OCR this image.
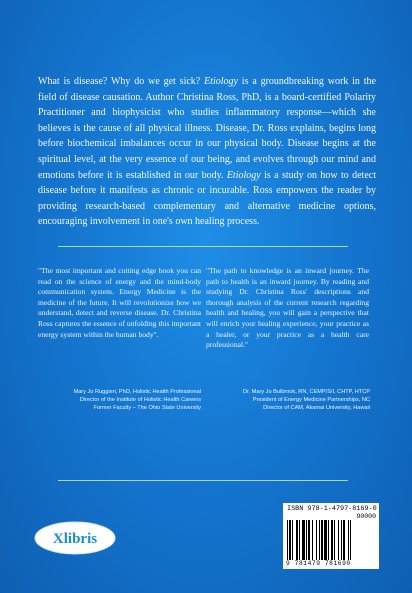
What is disease? Why do we get sick? Etiology is a groundbreaking work in the field of disease causation. Author Christina Ross, PhD, is a board-certified Polarity Practitioner and biophysicist who studies inflammatory response—which she believes is the cause of all physical illness. Disease, Dr. Ross explains, begins long before biochemical imbalances occur in our physical body. Disease begins at the spiritual level, at the very essence of our being, and evolves through our mind and emotions before it is established in our body. Etiology is a study on how to detect disease before it manifests as chronic or incurable. Ross empowers the reader by providing research-based complementary and alternative medicine options, encouraging involvement in one's own healing process.

"The most important and cutting edge book you can read on the science of energy and the mind-body communication system. Energy Medicine is the medicine of the future. It will revolutionize how we understand, detect and reverse disease. Dr. Christina Ross captures the essence of unfolding this important energy system within the human body".
"The path to knowledge is an inward journey. The path to health is an inward journey. By reading and studying Dr. Christina Ross' descriptions and thorough analysis of the current research regarding health and healing, you will gain a perspective that will enrich your healing experience, your practice as a healer, or your practice as a health care professional."
Mary Jo Ruggieri, PhD, Holistic Health Professional
Director of the Institute of Holistic Health Careers
Former Faculty – The Ohio State University
Dr. Mary Jo Bulbrook, RN, CEMP/S/I, CHTP, HTCP
President of Energy Medicine Partnerships, NC
Director of CAM, Akamai University, Hawaii
Xlibris
ISBN 978-1-4797-8169-0
90000
9 781479 781690
